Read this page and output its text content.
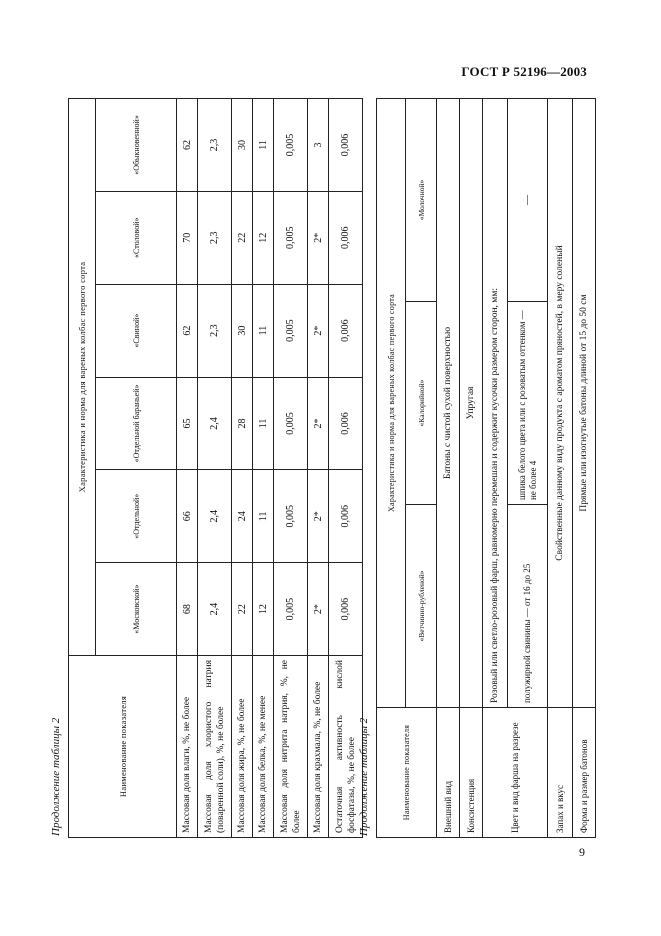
ГОСТ Р 52196—2003
Продолжение таблицы 2	Наименование показателя	Характеристика и норма для вареных колбас первого сорта					
	«Московской»	«Отдельной»	«Отдельной бараньей»	«Свиной»	«Столовой»	«Обыкновенной»
Массовая доля влаги, %, не более	68	66	65	62	70	62
Массовая доля хлористого натрия (поваренной соли), %, не более	2,4	2,4	2,4	2,3	2,3	2,3
Массовая доля жира, %, не более	22	24	28	30	22	30
Массовая доля белка, %, не менее	12	11	11	11	12	11
Массовая доля нитрита натрия, %, не более	0,005	0,005	0,005	0,005	0,005	0,005
Массовая доля крахмала, %, не более	2*	2*	2*	2*	2*	3
Остаточная активность кислой фосфатазы, %, не более	0,006	0,006	0,006	0,006	0,006	0,006
Продолжение таблицы 2	Наименование показателя	Характеристика и норма для вареных колбас первого сорта		
	«Ветчинно-рубленой»	«Калорийной»	«Молочной»
Внешний вид	Батоны с чистой сухой поверхностью		
Консистенция	Упругая		
Цвет и вид фарша на разрезе	Розовый или светло-розовый фарш, равномерно перемешан и содержит кусочки размером сторон, мм:		
	полужирной свинины — от 16 до 25	шпика белого цвета или с розоватым оттенком — не более 4	—
Запах и вкус	Свойственные данному виду продукта с ароматом пряностей, в меру соленый		
Форма и размер батонов	Прямые или изогнутые батоны длиной от 15 до 50 см		
9
